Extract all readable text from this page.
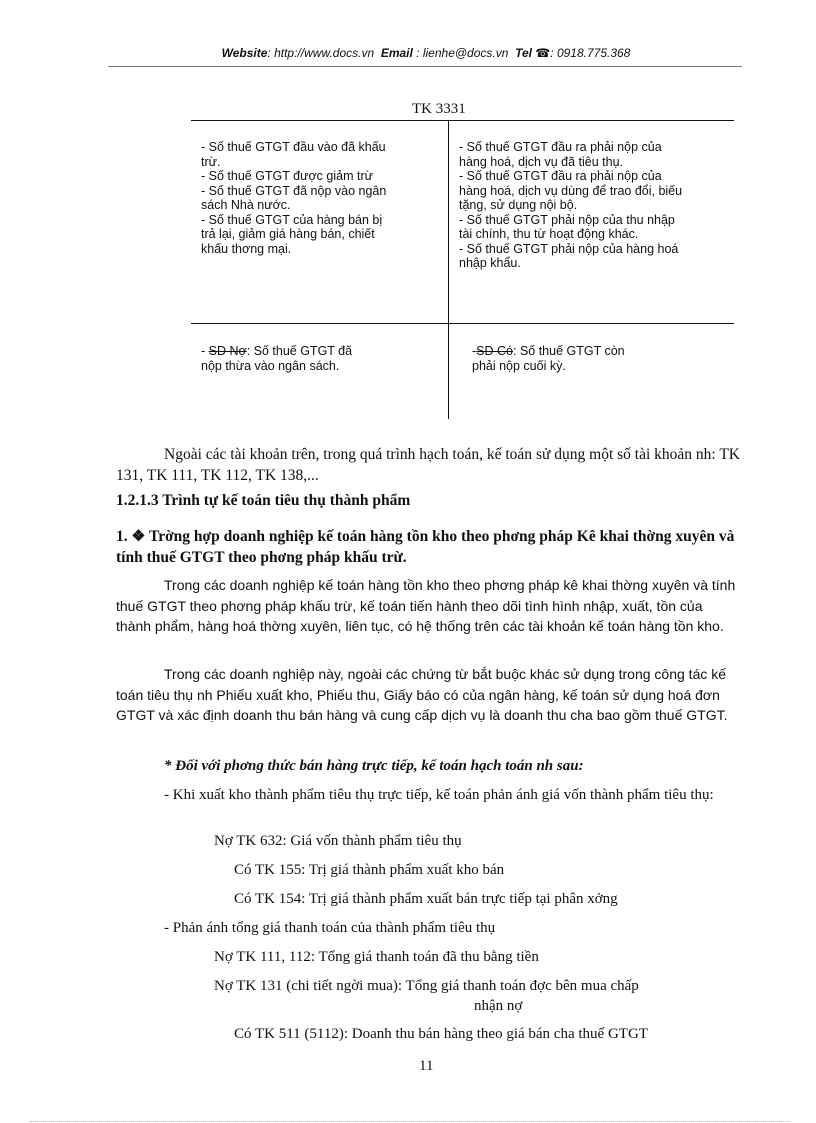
Website: http://www.docs.vn Email : lienhe@docs.vn Tel ☎: 0918.775.368
TK 3331
- Số thuế GTGT đầu vào đã khấu
trừ.
- Số thuế GTGT được giảm trừ
- Số thuế GTGT đã nộp vào ngân
sách Nhà nước.
- Số thuế GTGT của hàng bán bị
trả lại, giảm giá hàng bán, chiết
khấu thơng mại.
- Số thuế GTGT đầu ra phải nộp của
hàng hoá, dịch vụ đã tiêu thụ.
- Số thuế GTGT đầu ra phải nộp của
hàng hoá, dịch vụ dùng để trao đổi, biếu
tặng, sử dụng nội bộ.
- Số thuế GTGT phải nộp của thu nhập
tài chính, thu từ hoạt động khác.
- Số thuế GTGT phải nộp của hàng hoá
nhập khẩu.
- SD Nợ: Số thuế GTGT đã
nộp thừa vào ngân sách.
-SD Có: Số thuế GTGT còn
phải nộp cuối kỳ.
Ngoài các tài khoản trên, trong quá trình hạch toán, kế toán sử dụng một số tài khoản nh: TK 131, TK 111, TK 112, TK 138,...
1.2.1.3 Trình tự kế toán tiêu thụ thành phẩm
1. ❖ Trờng hợp doanh nghiệp kế toán hàng tồn kho theo phơng pháp Kê khai thờng xuyên và tính thuế GTGT theo phơng pháp khấu trừ.
Trong các doanh nghiệp kế toán hàng tồn kho theo phơng pháp kê khai thờng xuyên và tính thuế GTGT theo phơng pháp khấu trừ, kế toán tiến hành theo dõi tình hình nhập, xuất, tồn của thành phẩm, hàng hoá thờng xuyên, liên tục, có hệ thống trên các tài khoản kế toán hàng tồn kho.
Trong các doanh nghiệp này, ngoài các chứng từ bắt buộc khác sử dụng trong công tác kế toán tiêu thụ nh Phiếu xuất kho, Phiếu thu, Giấy báo có của ngân hàng, kế toán sử dụng hoá đơn GTGT và xác định doanh thu bán hàng và cung cấp dịch vụ là doanh thu cha bao gồm thuế GTGT.
* Đối với phơng thức bán hàng trực tiếp, kế toán hạch toán nh sau:
- Khi xuất kho thành phẩm tiêu thụ trực tiếp, kế toán phản ánh giá vốn thành phẩm tiêu thụ:
Nợ TK 632: Giá vốn thành phẩm tiêu thụ
Có TK 155: Trị giá thành phẩm xuất kho bán
Có TK 154: Trị giá thành phẩm xuất bán trực tiếp tại phân xởng
- Phản ánh tổng giá thanh toán của thành phẩm tiêu thụ
Nợ TK 111, 112: Tổng giá thanh toán đã thu bằng tiền
Nợ TK 131 (chi tiết ngời mua): Tổng giá thanh toán đợc bên mua chấp
nhận nợ
Có TK 511 (5112): Doanh thu bán hàng theo giá bán cha thuế GTGT
11
